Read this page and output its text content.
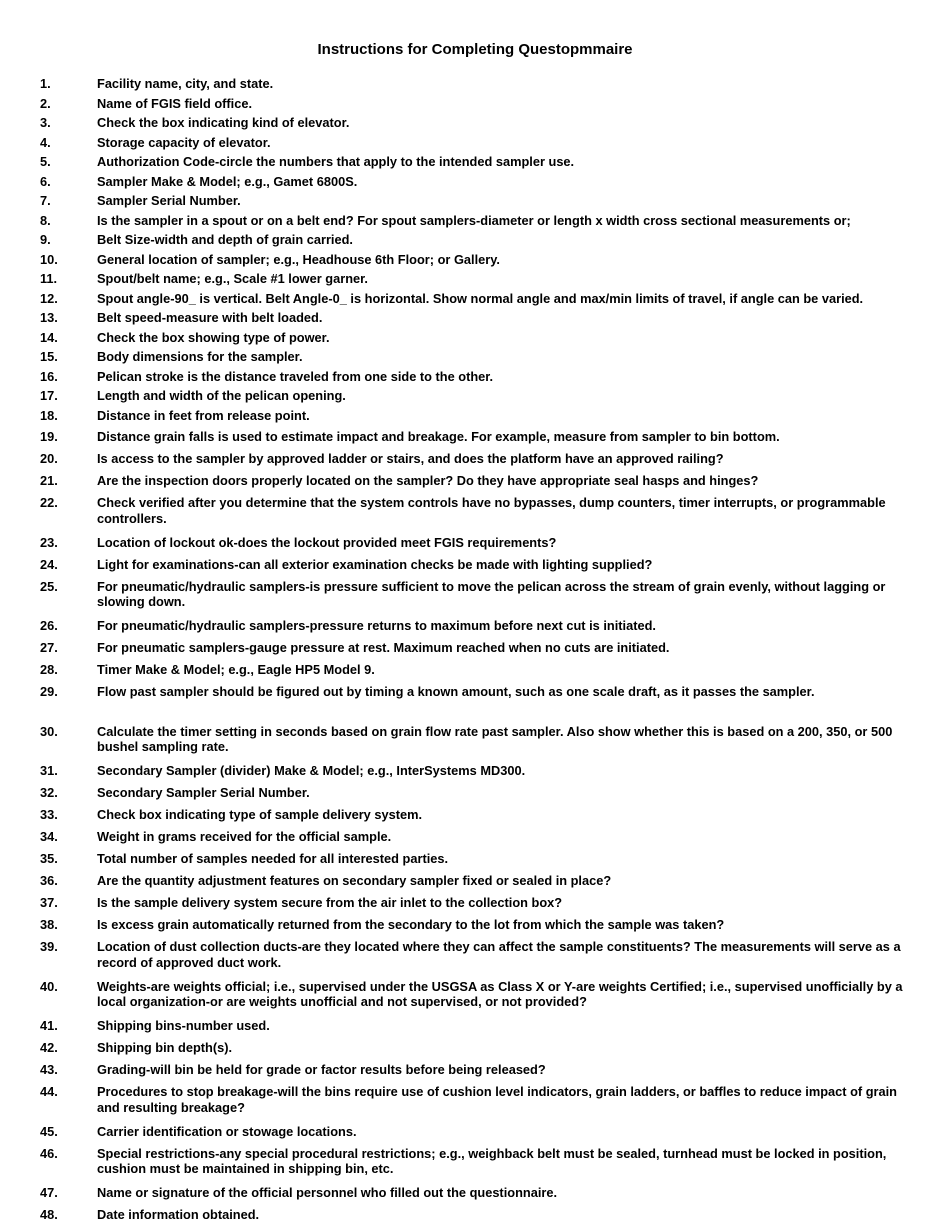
Instructions for Completing Questopmmaire
1.	Facility name, city, and state.
2.	Name of FGIS field office.
3.	Check the box indicating kind of elevator.
4.	Storage capacity of elevator.
5.	Authorization Code-circle the numbers that apply to the intended sampler use.
6.	Sampler Make & Model; e.g., Gamet 6800S.
7.	Sampler Serial Number.
8.	Is the sampler in a spout or on a belt end? For spout samplers-diameter or length x width cross sectional measurements or;
9.	Belt Size-width and depth of grain carried.
10.	General location of sampler; e.g., Headhouse 6th Floor; or Gallery.
11.	Spout/belt name; e.g., Scale #1 lower garner.
12.	Spout angle-90_ is vertical. Belt Angle-0_ is horizontal. Show normal angle and max/min limits of travel, if angle can be varied.
13.	Belt speed-measure with belt loaded.
14.	Check the box showing type of power.
15.	Body dimensions for the sampler.
16.	Pelican stroke is the distance traveled from one side to the other.
17.	Length and width of the pelican opening.
18.	Distance in feet from release point.
19.	Distance grain falls is used to estimate impact and breakage. For example, measure from sampler to bin bottom.
20.	Is access to the sampler by approved ladder or stairs, and does the platform have an approved railing?
21.	Are the inspection doors properly located on the sampler? Do they have appropriate seal hasps and hinges?
22.	Check verified after you determine that the system controls have no bypasses, dump counters, timer interrupts, or programmable controllers.
23.	Location of lockout ok-does the lockout provided meet FGIS requirements?
24.	Light for examinations-can all exterior examination checks be made with lighting supplied?
25.	For pneumatic/hydraulic samplers-is pressure sufficient to move the pelican across the stream of grain evenly, without lagging or slowing down.
26.	For pneumatic/hydraulic samplers-pressure returns to maximum before next cut is initiated.
27.	For pneumatic samplers-gauge pressure at rest. Maximum reached when no cuts are initiated.
28.	Timer Make & Model; e.g., Eagle HP5 Model 9.
29.	Flow past sampler should be figured out by timing a known amount, such as one scale draft, as it passes the sampler.
30.	Calculate the timer setting in seconds based on grain flow rate past sampler. Also show whether this is based on a 200, 350, or 500 bushel sampling rate.
31.	Secondary Sampler (divider) Make & Model; e.g., InterSystems MD300.
32.	Secondary Sampler Serial Number.
33.	Check box indicating type of sample delivery system.
34.	Weight in grams received for the official sample.
35.	Total number of samples needed for all interested parties.
36.	Are the quantity adjustment features on secondary sampler fixed or sealed in place?
37.	Is the sample delivery system secure from the air inlet to the collection box?
38.	Is excess grain automatically returned from the secondary to the lot from which the sample was taken?
39.	Location of dust collection ducts-are they located where they can affect the sample constituents? The measurements will serve as a record of approved duct work.
40.	Weights-are weights official; i.e., supervised under the USGSA as Class X or Y-are weights Certified; i.e., supervised unofficially by a local organization-or are weights unofficial and not supervised, or not provided?
41.	Shipping bins-number used.
42.	Shipping bin depth(s).
43.	Grading-will bin be held for grade or factor results before being released?
44.	Procedures to stop breakage-will the bins require use of cushion level indicators, grain ladders, or baffles to reduce impact of grain and resulting breakage?
45.	Carrier identification or stowage locations.
46.	Special restrictions-any special procedural restrictions; e.g., weighback belt must be sealed, turnhead must be locked in position, cushion must be maintained in shipping bin, etc.
47.	Name or signature of the official personnel who filled out the questionnaire.
48.	Date information obtained.
